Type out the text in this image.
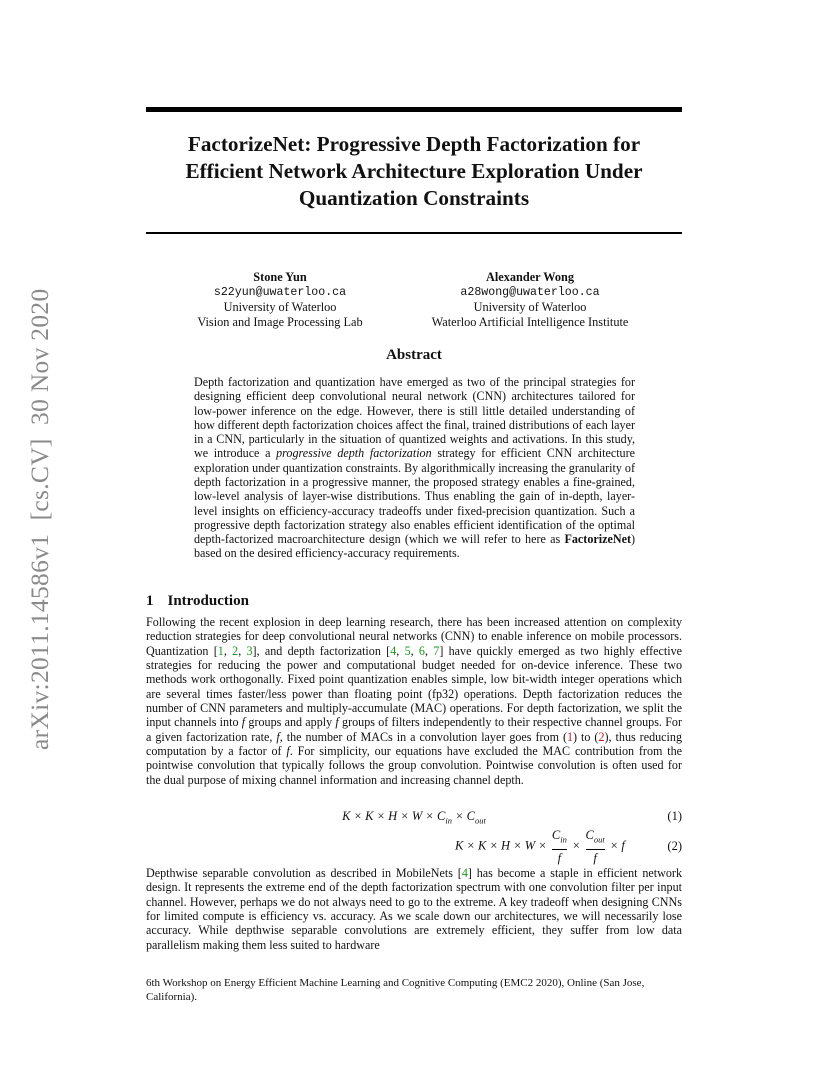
arXiv:2011.14586v1  [cs.CV]  30 Nov 2020
FactorizeNet: Progressive Depth Factorization for
Efficient Network Architecture Exploration Under
Quantization Constraints
Stone Yun
s22yun@uwaterloo.ca
University of Waterloo
Vision and Image Processing Lab
Alexander Wong
a28wong@uwaterloo.ca
University of Waterloo
Waterloo Artificial Intelligence Institute
Abstract
Depth factorization and quantization have emerged as two of the principal strategies for designing efficient deep convolutional neural network (CNN) architectures tailored for low-power inference on the edge. However, there is still little detailed understanding of how different depth factorization choices affect the final, trained distributions of each layer in a CNN, particularly in the situation of quantized weights and activations. In this study, we introduce a progressive depth factorization strategy for efficient CNN architecture exploration under quantization constraints. By algorithmically increasing the granularity of depth factorization in a progressive manner, the proposed strategy enables a fine-grained, low-level analysis of layer-wise distributions. Thus enabling the gain of in-depth, layer-level insights on efficiency-accuracy tradeoffs under fixed-precision quantization. Such a progressive depth factorization strategy also enables efficient identification of the optimal depth-factorized macroarchitecture design (which we will refer to here as FactorizeNet) based on the desired efficiency-accuracy requirements.
1 Introduction
Following the recent explosion in deep learning research, there has been increased attention on complexity reduction strategies for deep convolutional neural networks (CNN) to enable inference on mobile processors. Quantization [1, 2, 3], and depth factorization [4, 5, 6, 7] have quickly emerged as two highly effective strategies for reducing the power and computational budget needed for on-device inference. These two methods work orthogonally. Fixed point quantization enables simple, low bit-width integer operations which are several times faster/less power than floating point (fp32) operations. Depth factorization reduces the number of CNN parameters and multiply-accumulate (MAC) operations. For depth factorization, we split the input channels into f groups and apply f groups of filters independently to their respective channel groups. For a given factorization rate, f, the number of MACs in a convolution layer goes from (1) to (2), thus reducing computation by a factor of f. For simplicity, our equations have excluded the MAC contribution from the pointwise convolution that typically follows the group convolution. Pointwise convolution is often used for the dual purpose of mixing channel information and increasing channel depth.
$K \times K \times H \times W \times C_{in} \times C_{out}$	(1)
$K \times K \times H \times W \times \frac{C_{in}}{f} \times \frac{C_{out}}{f} \times f$	(2)
Depthwise separable convolution as described in MobileNets [4] has become a staple in efficient network design. It represents the extreme end of the depth factorization spectrum with one convolution filter per input channel. However, perhaps we do not always need to go to the extreme. A key tradeoff when designing CNNs for limited compute is efficiency vs. accuracy. As we scale down our architectures, we will necessarily lose accuracy. While depthwise separable convolutions are extremely efficient, they suffer from low data parallelism making them less suited to hardware
6th Workshop on Energy Efficient Machine Learning and Cognitive Computing (EMC2 2020), Online (San Jose, California).
